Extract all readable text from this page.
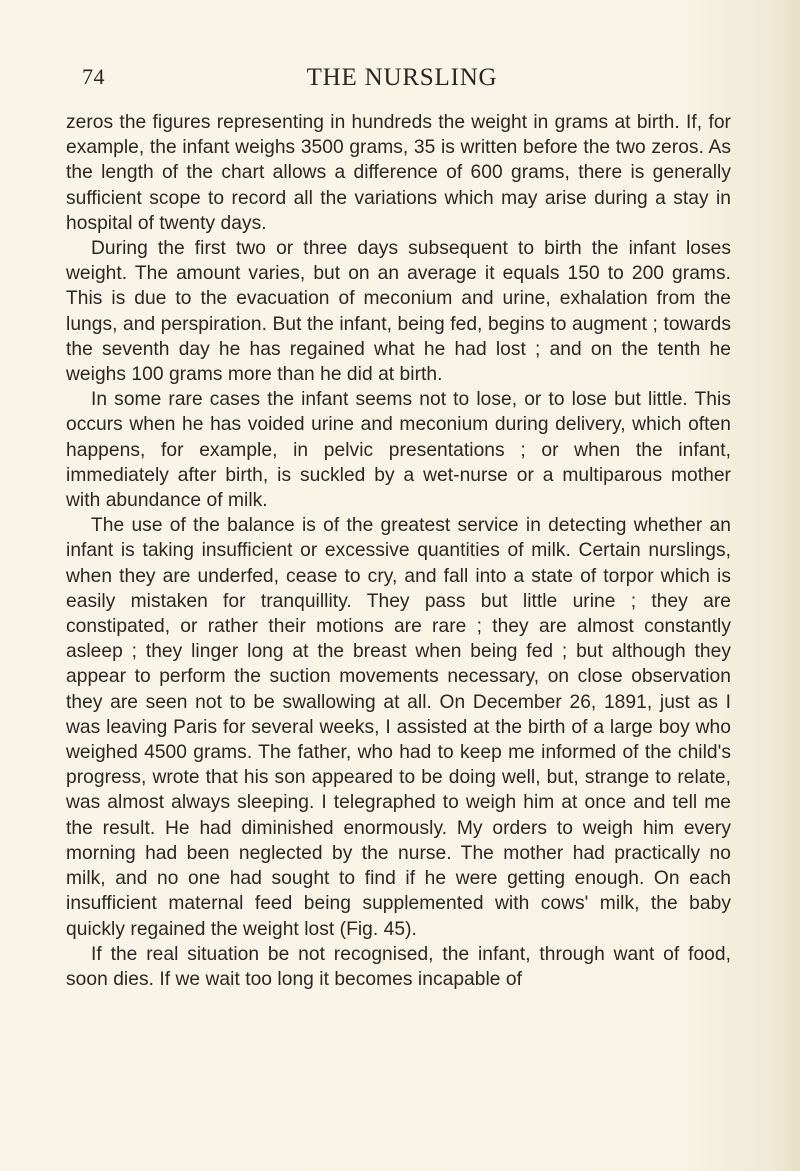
74	THE NURSLING

zeros the figures representing in hundreds the weight in grams at birth. If, for example, the infant weighs 3500 grams, 35 is written before the two zeros. As the length of the chart allows a difference of 600 grams, there is generally sufficient scope to record all the variations which may arise during a stay in hospital of twenty days.

During the first two or three days subsequent to birth the infant loses weight. The amount varies, but on an average it equals 150 to 200 grams. This is due to the evacuation of meconium and urine, exhalation from the lungs, and perspiration. But the infant, being fed, begins to augment ; towards the seventh day he has regained what he had lost ; and on the tenth he weighs 100 grams more than he did at birth.

In some rare cases the infant seems not to lose, or to lose but little. This occurs when he has voided urine and meconium during delivery, which often happens, for example, in pelvic presentations ; or when the infant, immediately after birth, is suckled by a wet-nurse or a multiparous mother with abundance of milk.

The use of the balance is of the greatest service in detecting whether an infant is taking insufficient or excessive quantities of milk. Certain nurslings, when they are underfed, cease to cry, and fall into a state of torpor which is easily mistaken for tranquillity. They pass but little urine ; they are constipated, or rather their motions are rare ; they are almost constantly asleep ; they linger long at the breast when being fed ; but although they appear to perform the suction movements necessary, on close observation they are seen not to be swallowing at all. On December 26, 1891, just as I was leaving Paris for several weeks, I assisted at the birth of a large boy who weighed 4500 grams. The father, who had to keep me informed of the child's progress, wrote that his son appeared to be doing well, but, strange to relate, was almost always sleeping. I telegraphed to weigh him at once and tell me the result. He had diminished enormously. My orders to weigh him every morning had been neglected by the nurse. The mother had practically no milk, and no one had sought to find if he were getting enough. On each insufficient maternal feed being supplemented with cows' milk, the baby quickly regained the weight lost (Fig. 45).

If the real situation be not recognised, the infant, through want of food, soon dies. If we wait too long it becomes incapable of
